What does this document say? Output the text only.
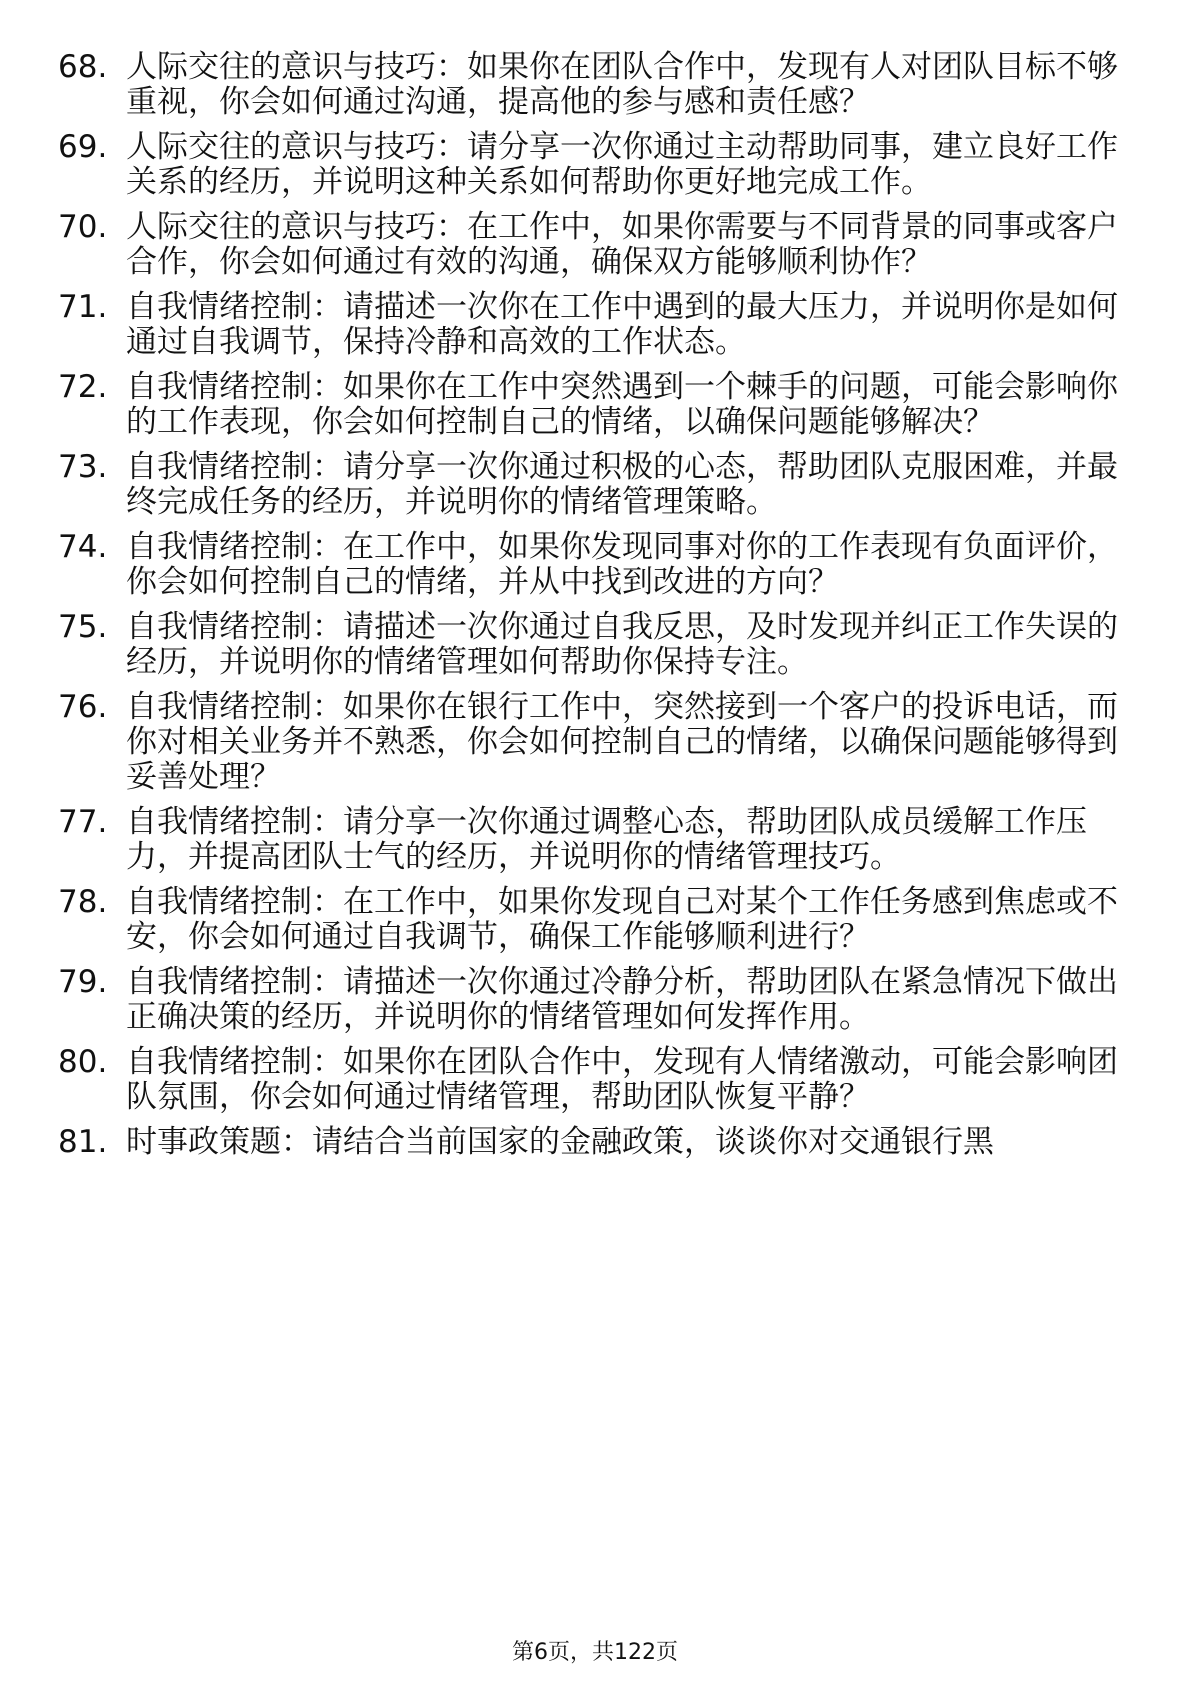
68. 人际交往的意识与技巧：如果你在团队合作中，发现有人对团队目标不够重视，你会如何通过沟通，提高他的参与感和责任感？
69. 人际交往的意识与技巧：请分享一次你通过主动帮助同事，建立良好工作关系的经历，并说明这种关系如何帮助你更好地完成工作。
70. 人际交往的意识与技巧：在工作中，如果你需要与不同背景的同事或客户合作，你会如何通过有效的沟通，确保双方能够顺利协作？
71. 自我情绪控制：请描述一次你在工作中遇到的最大压力，并说明你是如何通过自我调节，保持冷静和高效的工作状态。
72. 自我情绪控制：如果你在工作中突然遇到一个棘手的问题，可能会影响你的工作表现，你会如何控制自己的情绪，以确保问题能够解决？
73. 自我情绪控制：请分享一次你通过积极的心态，帮助团队克服困难，并最终完成任务的经历，并说明你的情绪管理策略。
74. 自我情绪控制：在工作中，如果你发现同事对你的工作表现有负面评价，你会如何控制自己的情绪，并从中找到改进的方向？
75. 自我情绪控制：请描述一次你通过自我反思，及时发现并纠正工作失误的经历，并说明你的情绪管理如何帮助你保持专注。
76. 自我情绪控制：如果你在银行工作中，突然接到一个客户的投诉电话，而你对相关业务并不熟悉，你会如何控制自己的情绪，以确保问题能够得到妥善处理？
77. 自我情绪控制：请分享一次你通过调整心态，帮助团队成员缓解工作压力，并提高团队士气的经历，并说明你的情绪管理技巧。
78. 自我情绪控制：在工作中，如果你发现自己对某个工作任务感到焦虑或不安，你会如何通过自我调节，确保工作能够顺利进行？
79. 自我情绪控制：请描述一次你通过冷静分析，帮助团队在紧急情况下做出正确决策的经历，并说明你的情绪管理如何发挥作用。
80. 自我情绪控制：如果你在团队合作中，发现有人情绪激动，可能会影响团队氛围，你会如何通过情绪管理，帮助团队恢复平静？
81. 时事政策题：请结合当前国家的金融政策，谈谈你对交通银行黑
第6页，共122页
